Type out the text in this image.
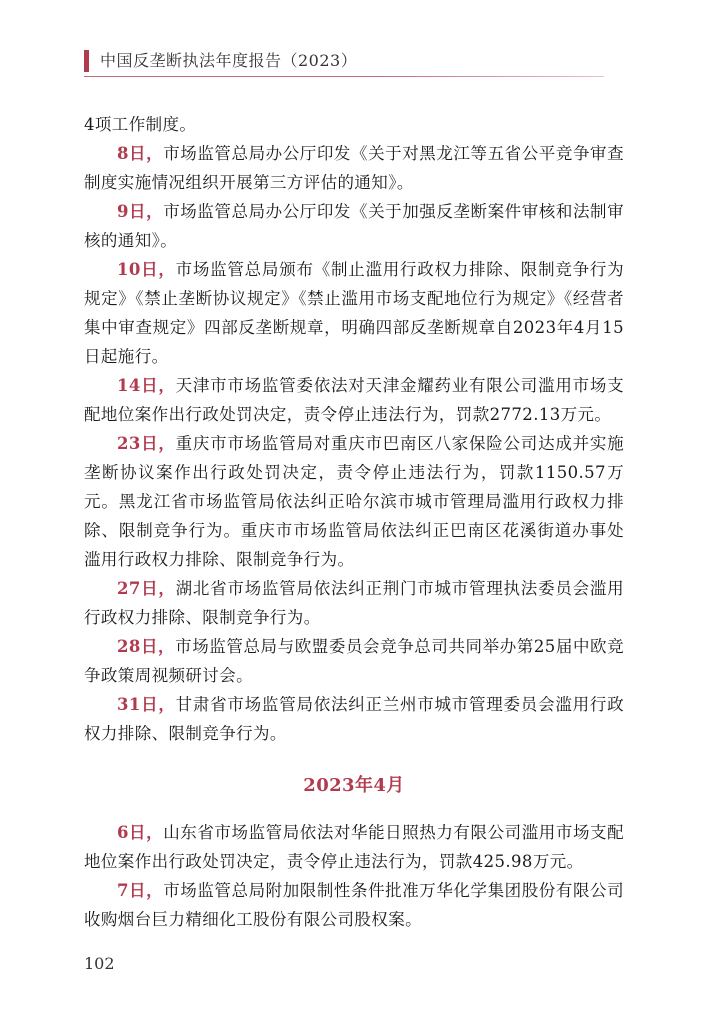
中国反垄断执法年度报告（2023）

4项工作制度。

8日，市场监管总局办公厅印发《关于对黑龙江等五省公平竞争审查制度实施情况组织开展第三方评估的通知》。

9日，市场监管总局办公厅印发《关于加强反垄断案件审核和法制审核的通知》。

10日，市场监管总局颁布《制止滥用行政权力排除、限制竞争行为规定》《禁止垄断协议规定》《禁止滥用市场支配地位行为规定》《经营者集中审查规定》四部反垄断规章，明确四部反垄断规章自2023年4月15日起施行。

14日，天津市市场监管委依法对天津金耀药业有限公司滥用市场支配地位案作出行政处罚决定，责令停止违法行为，罚款2772.13万元。

23日，重庆市市场监管局对重庆市巴南区八家保险公司达成并实施垄断协议案作出行政处罚决定，责令停止违法行为，罚款1150.57万元。黑龙江省市场监管局依法纠正哈尔滨市城市管理局滥用行政权力排除、限制竞争行为。重庆市市场监管局依法纠正巴南区花溪街道办事处滥用行政权力排除、限制竞争行为。

27日，湖北省市场监管局依法纠正荆门市城市管理执法委员会滥用行政权力排除、限制竞争行为。

28日，市场监管总局与欧盟委员会竞争总司共同举办第25届中欧竞争政策周视频研讨会。

31日，甘肃省市场监管局依法纠正兰州市城市管理委员会滥用行政权力排除、限制竞争行为。

2023年4月

6日，山东省市场监管局依法对华能日照热力有限公司滥用市场支配地位案作出行政处罚决定，责令停止违法行为，罚款425.98万元。

7日，市场监管总局附加限制性条件批准万华化学集团股份有限公司收购烟台巨力精细化工股份有限公司股权案。

102
